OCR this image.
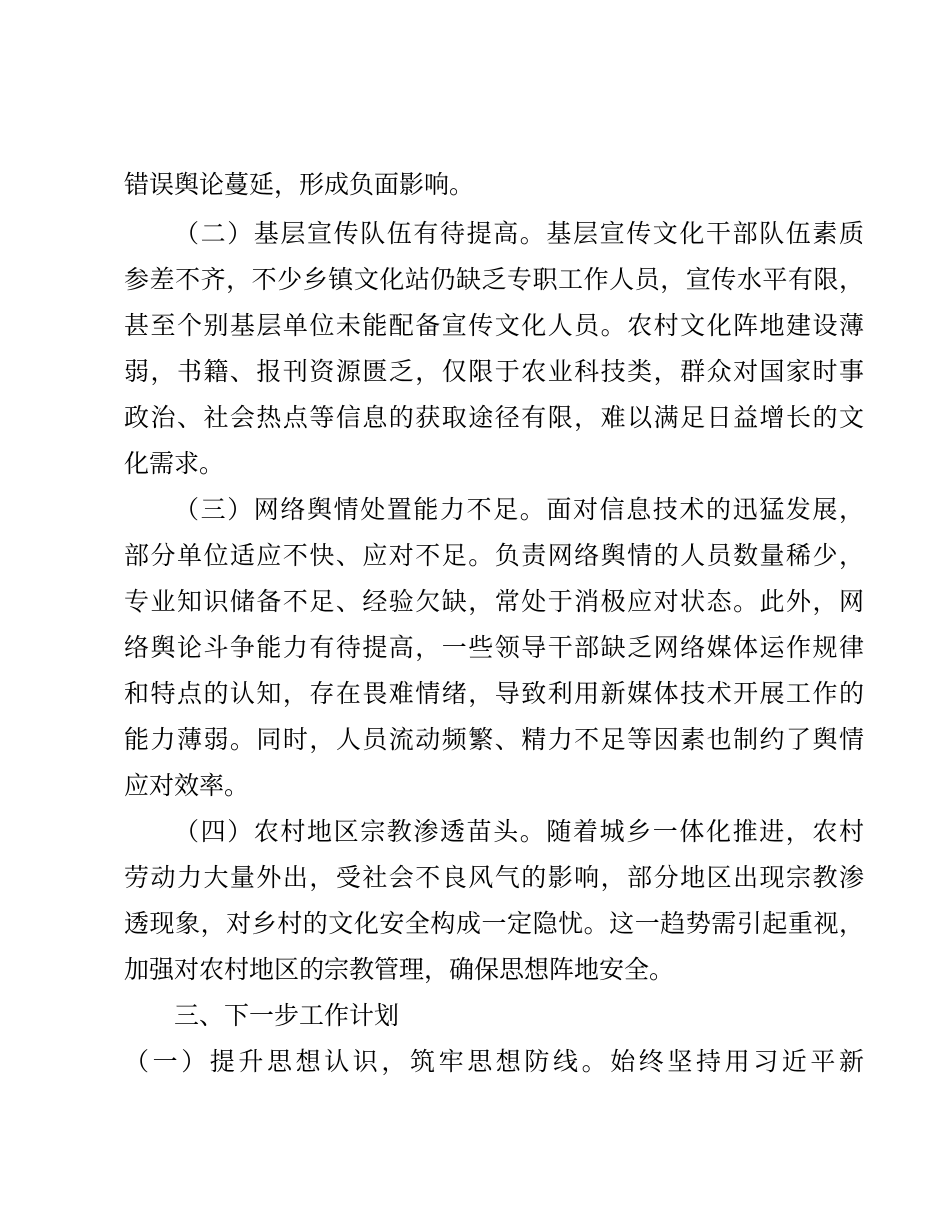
错误舆论蔓延，形成负面影响。
（二）基层宣传队伍有待提高。基层宣传文化干部队伍素质
参差不齐，不少乡镇文化站仍缺乏专职工作人员，宣传水平有限，
甚至个别基层单位未能配备宣传文化人员。农村文化阵地建设薄
弱，书籍、报刊资源匮乏，仅限于农业科技类，群众对国家时事
政治、社会热点等信息的获取途径有限，难以满足日益增长的文
化需求。
（三）网络舆情处置能力不足。面对信息技术的迅猛发展，
部分单位适应不快、应对不足。负责网络舆情的人员数量稀少，
专业知识储备不足、经验欠缺，常处于消极应对状态。此外，网
络舆论斗争能力有待提高，一些领导干部缺乏网络媒体运作规律
和特点的认知，存在畏难情绪，导致利用新媒体技术开展工作的
能力薄弱。同时，人员流动频繁、精力不足等因素也制约了舆情
应对效率。
（四）农村地区宗教渗透苗头。随着城乡一体化推进，农村
劳动力大量外出，受社会不良风气的影响，部分地区出现宗教渗
透现象，对乡村的文化安全构成一定隐忧。这一趋势需引起重视，
加强对农村地区的宗教管理，确保思想阵地安全。
三、下一步工作计划
（一）提升思想认识，筑牢思想防线。始终坚持用习近平新
